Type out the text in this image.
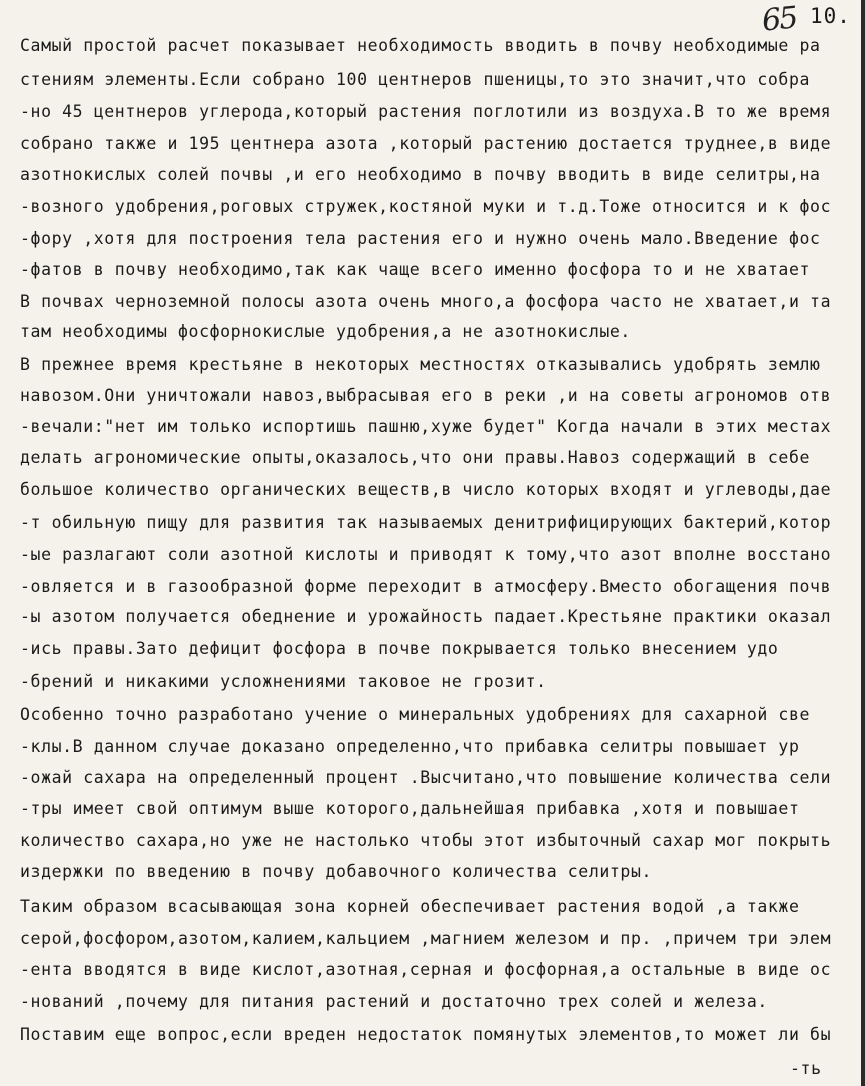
65 10.
Самый простой расчет показывает необходимость вводить в почву необходимые ра
стениям элементы.Если собрано 100 центнеров пшеницы,то это значит,что собра
-но 45 центнеров углерода,который растения поглотили из воздуха.В то же время
собрано также и 195 центнера азота ,который растению достается труднее,в виде
азотнокислых солей почвы ,и его необходимо в почву вводить в виде селитры,на
-возного удобрения,роговых стружек,костяной муки и т.д.Тоже относится и к фос
-фору ,хотя для построения тела растения его и нужно очень мало.Введение фос
-фатов в почву необходимо,так как чаще всего именно фосфора то и не хватает
В почвах черноземной полосы азота очень много,а фосфора часто не хватает,и та
там необходимы фосфорнокислые удобрения,а не азотнокислые.
В прежнее время крестьяне в некоторых местностях отказывались удобрять землю
навозом.Они уничтожали навоз,выбрасывая его в реки ,и на советы агрономов отв
-вечали:"нет им только испортишь пашню,хуже будет" Когда начали в этих местах
делать агрономические опыты,оказалось,что они правы.Навоз содержащий в себе
большое количество органических веществ,в число которых входят и углеводы,дае
-т обильную пищу для развития так называемых денитрифицирующих бактерий,котор
-ые разлагают соли азотной кислоты и приводят к тому,что азот вполне восстано
-овляется и в газообразной форме переходит в атмосферу.Вместо обогащения почв
-ы азотом получается обеднение и урожайность падает.Крестьяне практики оказал
-ись правы.Зато дефицит фосфора в почве покрывается только внесением удо
-брений и никакими усложнениями таковое не грозит.
Особенно точно разработано учение о минеральных удобрениях для сахарной све
-клы.В данном случае доказано определенно,что прибавка селитры повышает ур
-ожай сахара на определенный процент .Высчитано,что повышение количества сели
-тры имеет свой оптимум выше которого,дальнейшая прибавка ,хотя и повышает
количество сахара,но уже не настолько чтобы этот избыточный сахар мог покрыть
издержки по введению в почву добавочного количества селитры.
Таким образом всасывающая зона корней обеспечивает растения водой ,а также
серой,фосфором,азотом,калием,кальцием ,магнием железом и пр. ,причем три элем
-ента вводятся в виде кислот,азотная,серная и фосфорная,а остальные в виде ос
-нований ,почему для питания растений и достаточно трех солей и железа.
Поставим еще вопрос,если вреден недостаток помянутых элементов,то может ли бы
-ть
